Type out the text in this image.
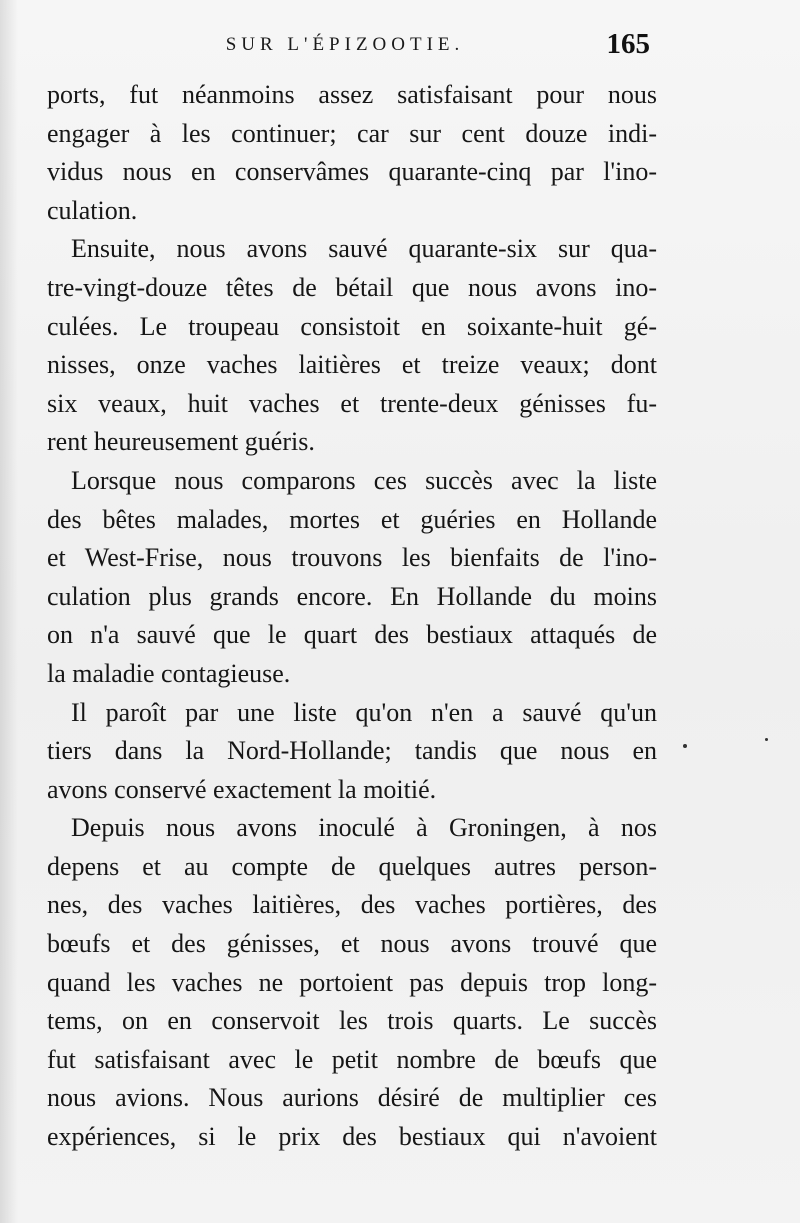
SUR L'ÉPIZOOTIE.	165
ports, fut néanmoins assez satisfaisant pour nous
engager à les continuer; car sur cent douze indi-
vidus nous en conservâmes quarante-cinq par l'ino-
culation.
Ensuite, nous avons sauvé quarante-six sur qua-
tre-vingt-douze têtes de bétail que nous avons ino-
culées. Le troupeau consistoit en soixante-huit gé-
nisses, onze vaches laitières et treize veaux; dont
six veaux, huit vaches et trente-deux génisses fu-
rent heureusement guéris.
Lorsque nous comparons ces succès avec la liste
des bêtes malades, mortes et guéries en Hollande
et West-Frise, nous trouvons les bienfaits de l'ino-
culation plus grands encore. En Hollande du moins
on n'a sauvé que le quart des bestiaux attaqués de
la maladie contagieuse.
Il paroît par une liste qu'on n'en a sauvé qu'un
tiers dans la Nord-Hollande; tandis que nous en
avons conservé exactement la moitié.
Depuis nous avons inoculé à Groningen, à nos
depens et au compte de quelques autres person-
nes, des vaches laitières, des vaches portières, des
bœufs et des génisses, et nous avons trouvé que
quand les vaches ne portoient pas depuis trop long-
tems, on en conservoit les trois quarts. Le succès
fut satisfaisant avec le petit nombre de bœufs que
nous avions. Nous aurions désiré de multiplier ces
expériences, si le prix des bestiaux qui n'avoient
